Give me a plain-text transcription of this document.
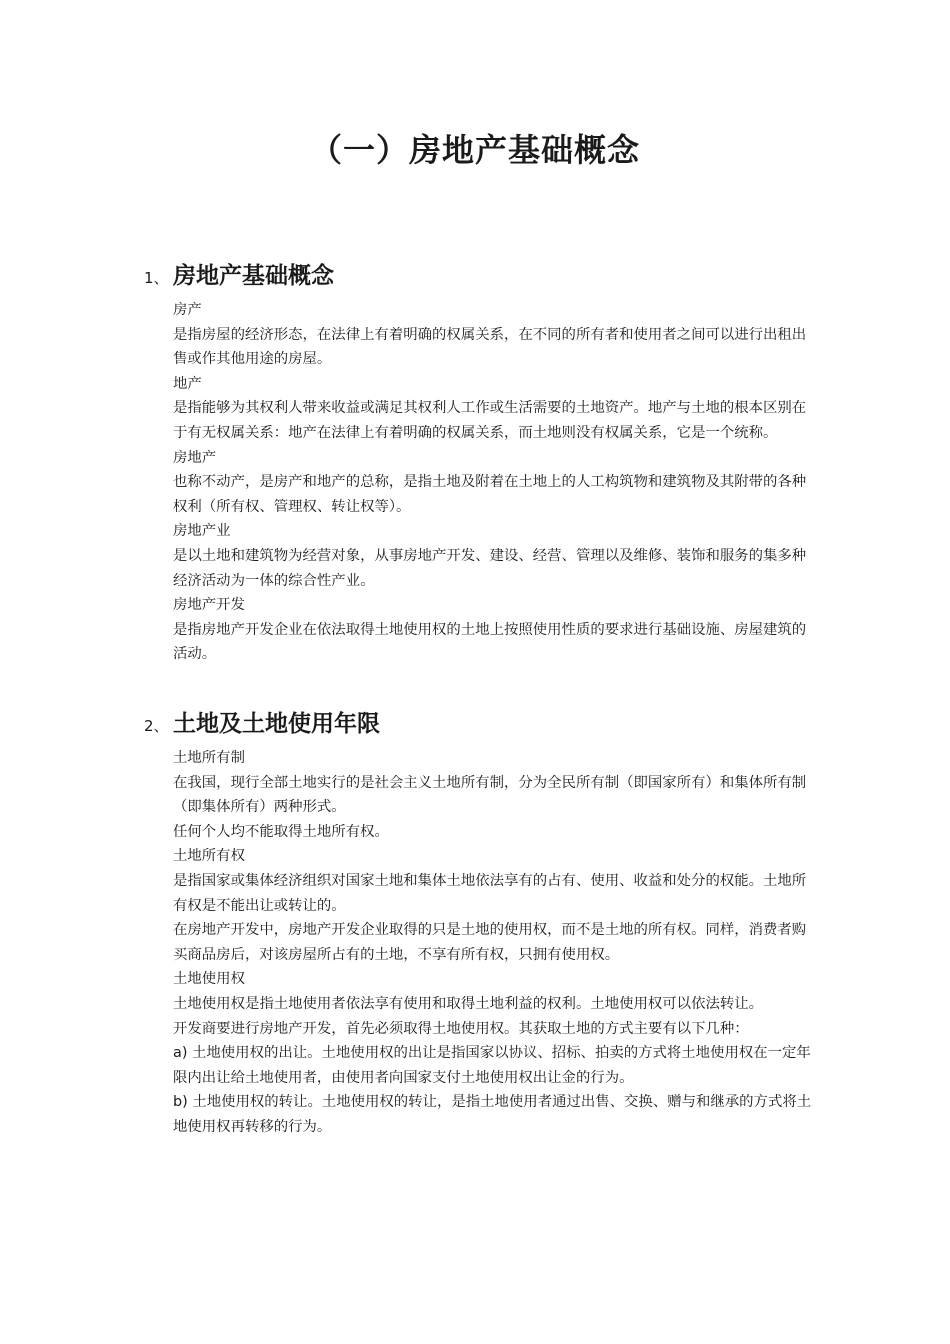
（一）房地产基础概念
1、 房地产基础概念

房产

是指房屋的经济形态，在法律上有着明确的权属关系，在不同的所有者和使用者之间可以进行出租出售或作其他用途的房屋。

地产

是指能够为其权利人带来收益或满足其权利人工作或生活需要的土地资产。地产与土地的根本区别在于有无权属关系：地产在法律上有着明确的权属关系，而土地则没有权属关系，它是一个统称。

房地产

也称不动产，是房产和地产的总称，是指土地及附着在土地上的人工构筑物和建筑物及其附带的各种权利（所有权、管理权、转让权等）。

房地产业

是以土地和建筑物为经营对象，从事房地产开发、建设、经营、管理以及维修、装饰和服务的集多种经济活动为一体的综合性产业。

房地产开发

是指房地产开发企业在依法取得土地使用权的土地上按照使用性质的要求进行基础设施、房屋建筑的活动。

2、 土地及土地使用年限

土地所有制

在我国，现行全部土地实行的是社会主义土地所有制，分为全民所有制（即国家所有）和集体所有制（即集体所有）两种形式。

任何个人均不能取得土地所有权。

土地所有权

是指国家或集体经济组织对国家土地和集体土地依法享有的占有、使用、收益和处分的权能。土地所有权是不能出让或转让的。

在房地产开发中，房地产开发企业取得的只是土地的使用权，而不是土地的所有权。同样，消费者购买商品房后，对该房屋所占有的土地，不享有所有权，只拥有使用权。

土地使用权

土地使用权是指土地使用者依法享有使用和取得土地利益的权利。土地使用权可以依法转让。

开发商要进行房地产开发，首先必须取得土地使用权。其获取土地的方式主要有以下几种：

a) 土地使用权的出让。土地使用权的出让是指国家以协议、招标、拍卖的方式将土地使用权在一定年限内出让给土地使用者，由使用者向国家支付土地使用权出让金的行为。

b) 土地使用权的转让。土地使用权的转让，是指土地使用者通过出售、交换、赠与和继承的方式将土地使用权再转移的行为。
